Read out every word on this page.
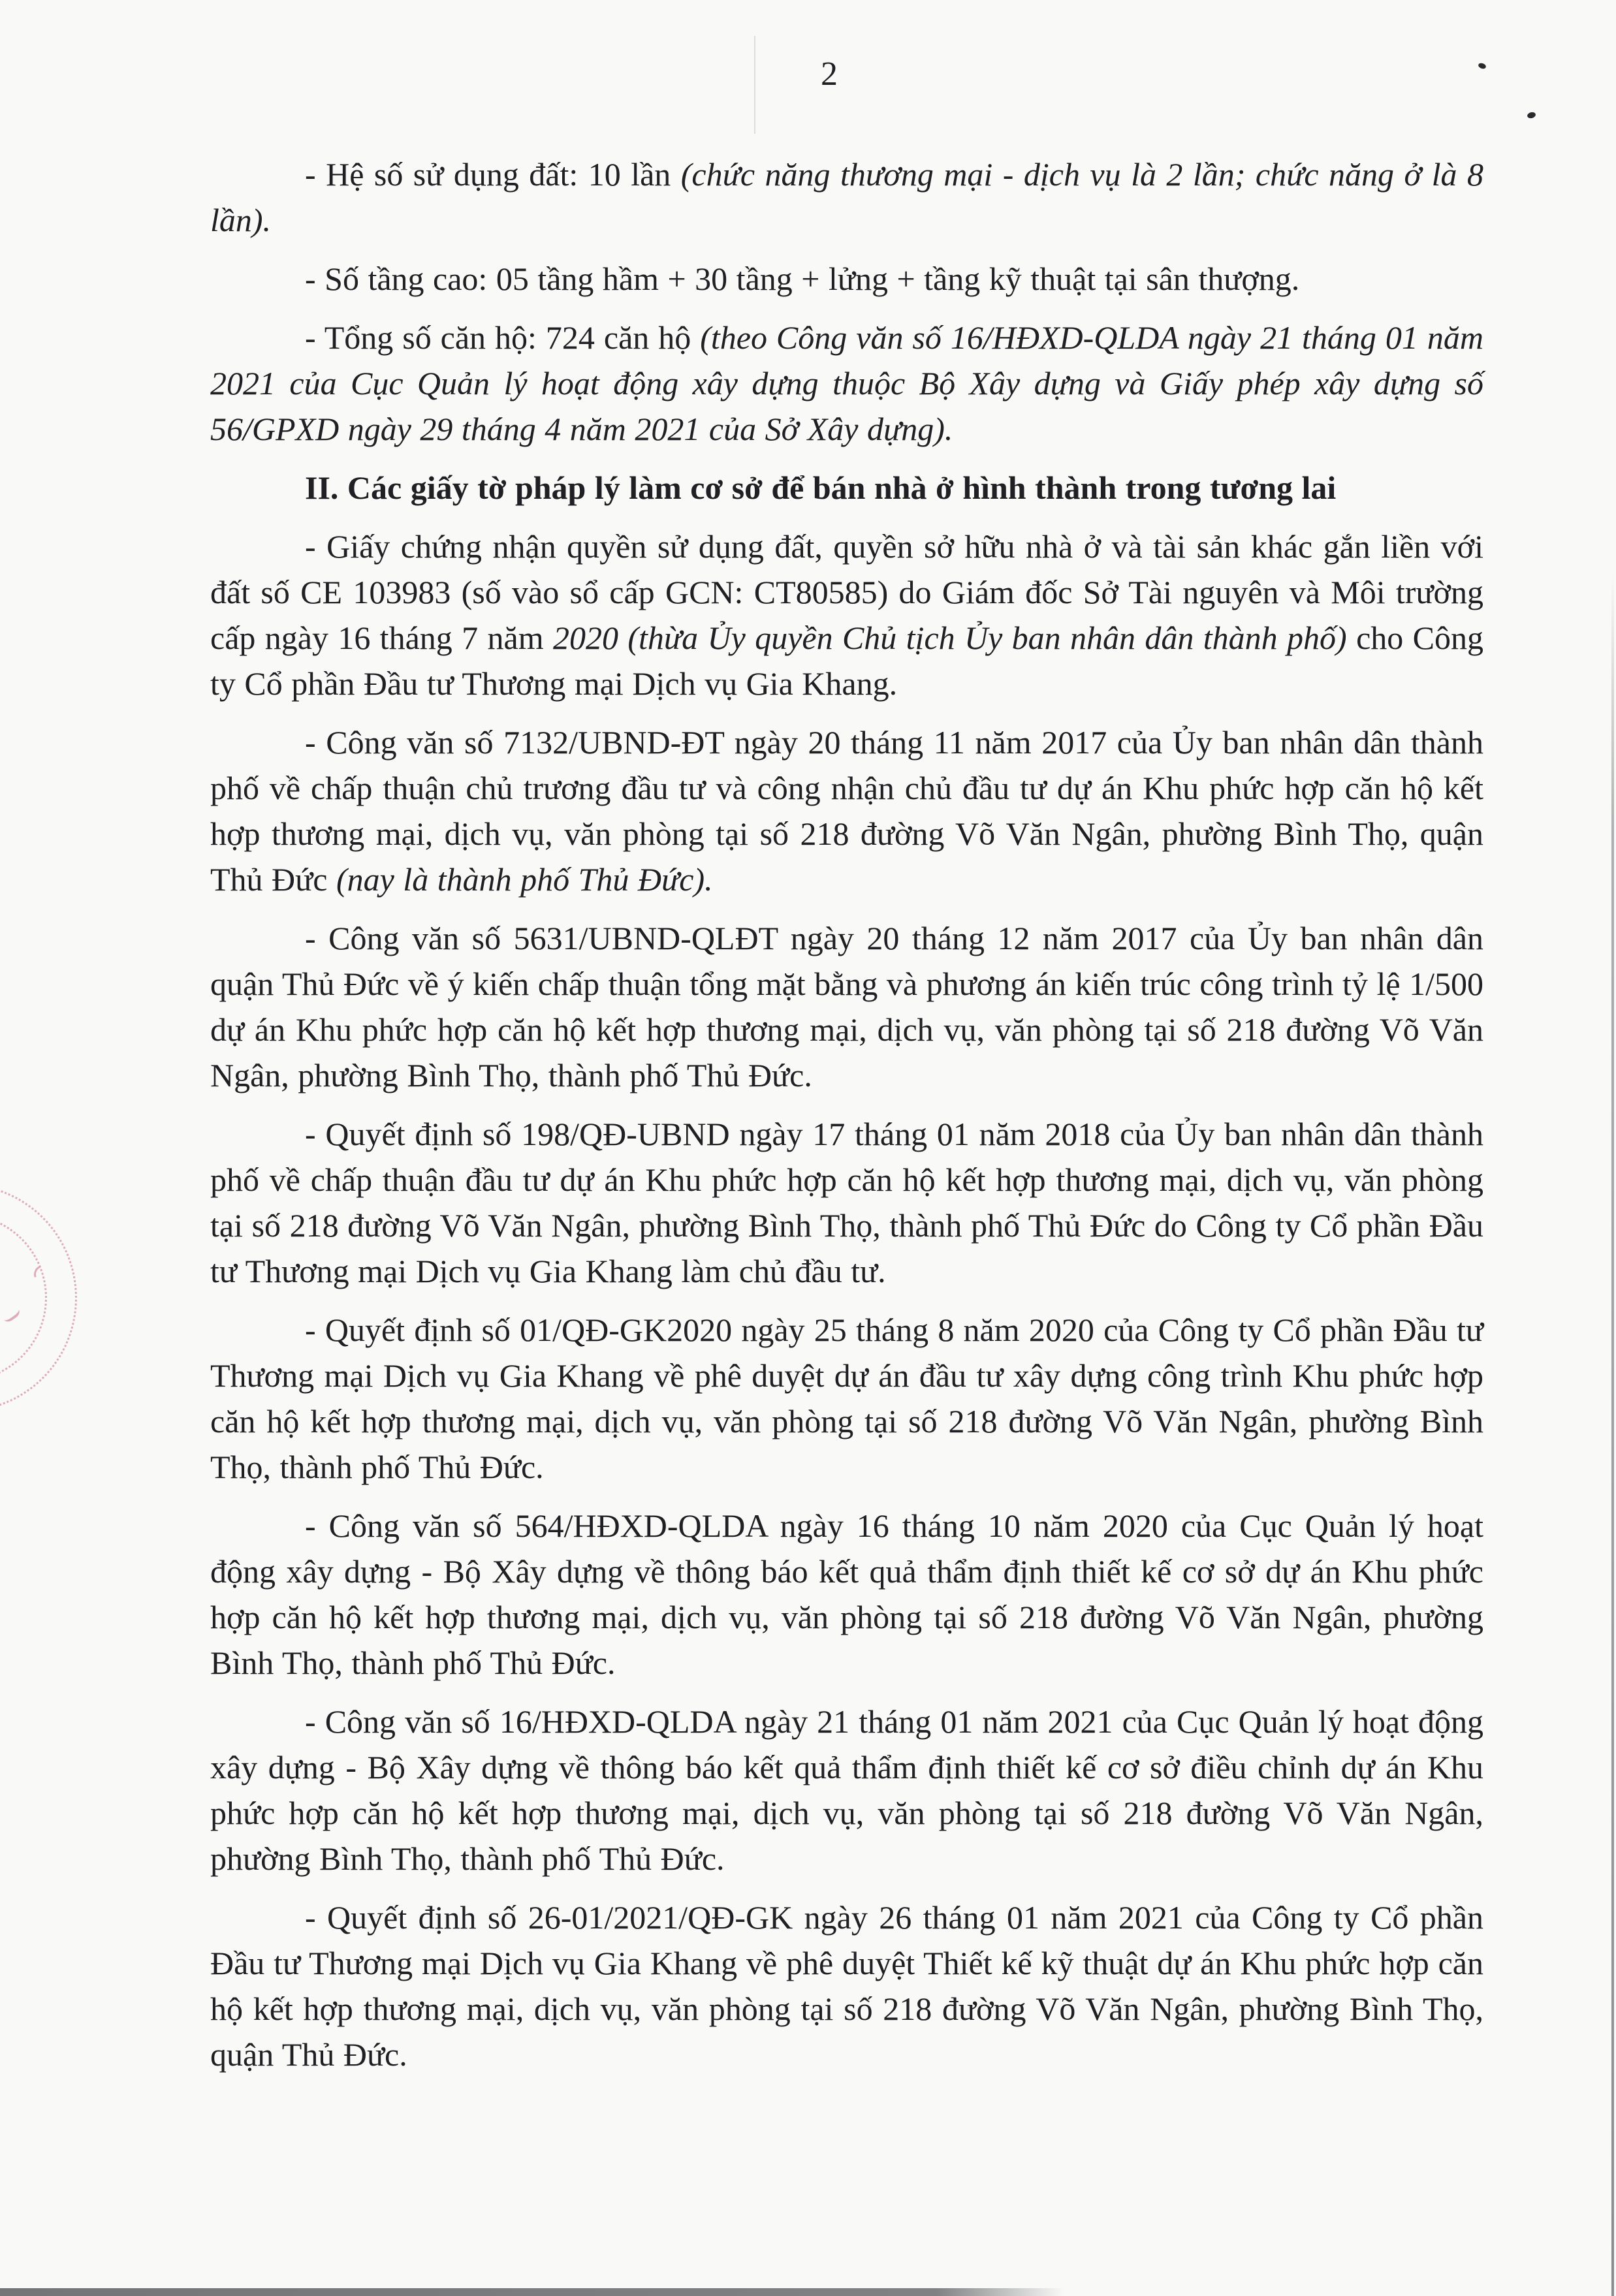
2

- Hệ số sử dụng đất: 10 lần (chức năng thương mại - dịch vụ là 2 lần; chức năng ở là 8 lần).

- Số tầng cao: 05 tầng hầm + 30 tầng + lửng + tầng kỹ thuật tại sân thượng.

- Tổng số căn hộ: 724 căn hộ (theo Công văn số 16/HĐXD-QLDA ngày 21 tháng 01 năm 2021 của Cục Quản lý hoạt động xây dựng thuộc Bộ Xây dựng và Giấy phép xây dựng số 56/GPXD ngày 29 tháng 4 năm 2021 của Sở Xây dựng).

II. Các giấy tờ pháp lý làm cơ sở để bán nhà ở hình thành trong tương lai

- Giấy chứng nhận quyền sử dụng đất, quyền sở hữu nhà ở và tài sản khác gắn liền với đất số CE 103983 (số vào sổ cấp GCN: CT80585) do Giám đốc Sở Tài nguyên và Môi trường cấp ngày 16 tháng 7 năm 2020 (thừa Ủy quyền Chủ tịch Ủy ban nhân dân thành phố) cho Công ty Cổ phần Đầu tư Thương mại Dịch vụ Gia Khang.

- Công văn số 7132/UBND-ĐT ngày 20 tháng 11 năm 2017 của Ủy ban nhân dân thành phố về chấp thuận chủ trương đầu tư và công nhận chủ đầu tư dự án Khu phức hợp căn hộ kết hợp thương mại, dịch vụ, văn phòng tại số 218 đường Võ Văn Ngân, phường Bình Thọ, quận Thủ Đức (nay là thành phố Thủ Đức).

- Công văn số 5631/UBND-QLĐT ngày 20 tháng 12 năm 2017 của Ủy ban nhân dân quận Thủ Đức về ý kiến chấp thuận tổng mặt bằng và phương án kiến trúc công trình tỷ lệ 1/500 dự án Khu phức hợp căn hộ kết hợp thương mại, dịch vụ, văn phòng tại số 218 đường Võ Văn Ngân, phường Bình Thọ, thành phố Thủ Đức.

- Quyết định số 198/QĐ-UBND ngày 17 tháng 01 năm 2018 của Ủy ban nhân dân thành phố về chấp thuận đầu tư dự án Khu phức hợp căn hộ kết hợp thương mại, dịch vụ, văn phòng tại số 218 đường Võ Văn Ngân, phường Bình Thọ, thành phố Thủ Đức do Công ty Cổ phần Đầu tư Thương mại Dịch vụ Gia Khang làm chủ đầu tư.

- Quyết định số 01/QĐ-GK2020 ngày 25 tháng 8 năm 2020 của Công ty Cổ phần Đầu tư Thương mại Dịch vụ Gia Khang về phê duyệt dự án đầu tư xây dựng công trình Khu phức hợp căn hộ kết hợp thương mại, dịch vụ, văn phòng tại số 218 đường Võ Văn Ngân, phường Bình Thọ, thành phố Thủ Đức.

- Công văn số 564/HĐXD-QLDA ngày 16 tháng 10 năm 2020 của Cục Quản lý hoạt động xây dựng - Bộ Xây dựng về thông báo kết quả thẩm định thiết kế cơ sở dự án Khu phức hợp căn hộ kết hợp thương mại, dịch vụ, văn phòng tại số 218 đường Võ Văn Ngân, phường Bình Thọ, thành phố Thủ Đức.

- Công văn số 16/HĐXD-QLDA ngày 21 tháng 01 năm 2021 của Cục Quản lý hoạt động xây dựng - Bộ Xây dựng về thông báo kết quả thẩm định thiết kế cơ sở điều chỉnh dự án Khu phức hợp căn hộ kết hợp thương mại, dịch vụ, văn phòng tại số 218 đường Võ Văn Ngân, phường Bình Thọ, thành phố Thủ Đức.

- Quyết định số 26-01/2021/QĐ-GK ngày 26 tháng 01 năm 2021 của Công ty Cổ phần Đầu tư Thương mại Dịch vụ Gia Khang về phê duyệt Thiết kế kỹ thuật dự án Khu phức hợp căn hộ kết hợp thương mại, dịch vụ, văn phòng tại số 218 đường Võ Văn Ngân, phường Bình Thọ, quận Thủ Đức.
